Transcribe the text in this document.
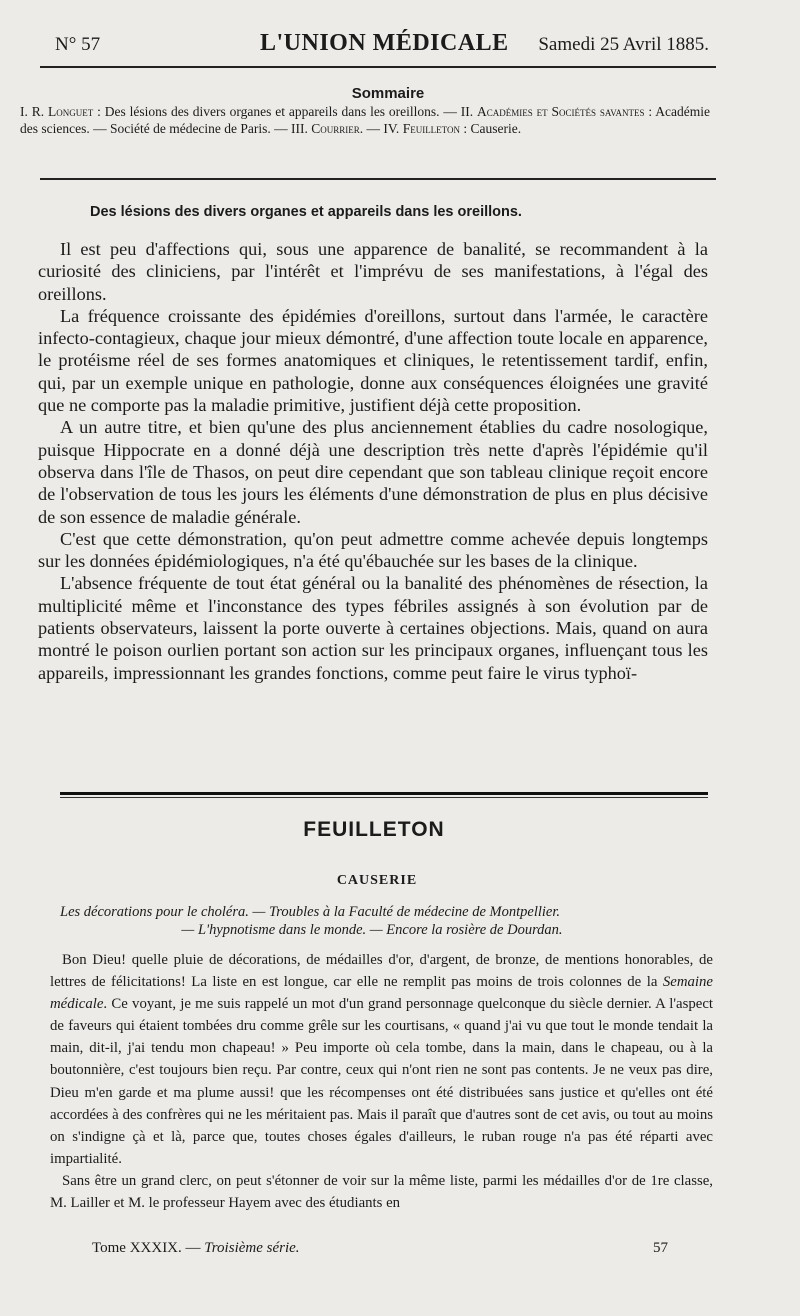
N° 57	L'UNION MÉDICALE Samedi 25 Avril 1885.
Sommaire
I. R. Longuet : Des lésions des divers organes et appareils dans les oreillons. — II. Académies et Sociétés savantes : Académie des sciences. — Société de médecine de Paris. — III. Courrier. — IV. Feuilleton : Causerie.
Des lésions des divers organes et appareils dans les oreillons.

Il est peu d'affections qui, sous une apparence de banalité, se recommandent à la curiosité des cliniciens, par l'intérêt et l'imprévu de ses manifestations, à l'égal des oreillons.

La fréquence croissante des épidémies d'oreillons, surtout dans l'armée, le caractère infecto-contagieux, chaque jour mieux démontré, d'une affection toute locale en apparence, le protéisme réel de ses formes anatomiques et cliniques, le retentissement tardif, enfin, qui, par un exemple unique en pathologie, donne aux conséquences éloignées une gravité que ne comporte pas la maladie primitive, justifient déjà cette proposition.

A un autre titre, et bien qu'une des plus anciennement établies du cadre nosologique, puisque Hippocrate en a donné déjà une description très nette d'après l'épidémie qu'il observa dans l'île de Thasos, on peut dire cependant que son tableau clinique reçoit encore de l'observation de tous les jours les éléments d'une démonstration de plus en plus décisive de son essence de maladie générale.

C'est que cette démonstration, qu'on peut admettre comme achevée depuis longtemps sur les données épidémiologiques, n'a été qu'ébauchée sur les bases de la clinique.

L'absence fréquente de tout état général ou la banalité des phénomènes de résection, la multiplicité même et l'inconstance des types fébriles assignés à son évolution par de patients observateurs, laissent la porte ouverte à certaines objections. Mais, quand on aura montré le poison ourlien portant son action sur les principaux organes, influençant tous les appareils, impressionnant les grandes fonctions, comme peut faire le virus typhoï-

FEUILLETON
CAUSERIE
Les décorations pour le choléra. — Troubles à la Faculté de médecine de Montpellier.
— L'hypnotisme dans le monde. — Encore la rosière de Dourdan.

Bon Dieu! quelle pluie de décorations, de médailles d'or, d'argent, de bronze, de mentions honorables, de lettres de félicitations! La liste en est longue, car elle ne remplit pas moins de trois colonnes de la Semaine médicale. Ce voyant, je me suis rappelé un mot d'un grand personnage quelconque du siècle dernier. A l'aspect de faveurs qui étaient tombées dru comme grêle sur les courtisans, « quand j'ai vu que tout le monde tendait la main, dit-il, j'ai tendu mon chapeau! » Peu importe où cela tombe, dans la main, dans le chapeau, ou à la boutonnière, c'est toujours bien reçu. Par contre, ceux qui n'ont rien ne sont pas contents. Je ne veux pas dire, Dieu m'en garde et ma plume aussi! que les récompenses ont été distribuées sans justice et qu'elles ont été accordées à des confrères qui ne les méritaient pas. Mais il paraît que d'autres sont de cet avis, ou tout au moins on s'indigne çà et là, parce que, toutes choses égales d'ailleurs, le ruban rouge n'a pas été réparti avec impartialité.

Sans être un grand clerc, on peut s'étonner de voir sur la même liste, parmi les médailles d'or de 1re classe, M. Lailler et M. le professeur Hayem avec des étudiants en

Tome XXXIX. — Troisième série.	57
